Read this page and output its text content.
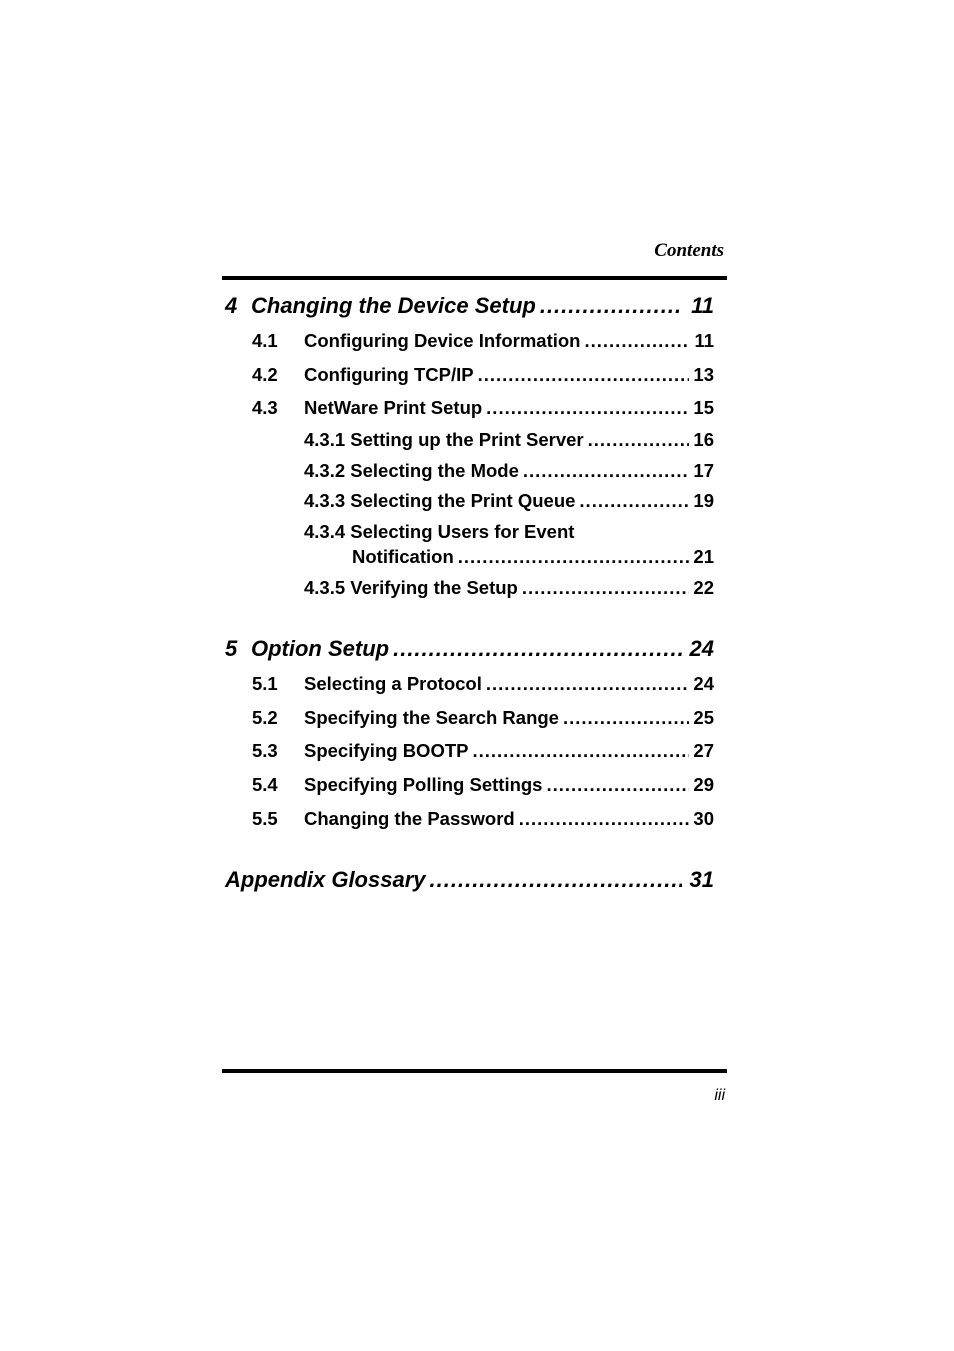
Contents
4 Changing the Device Setup .....	11
4.1	Configuring Device Information .....	11
4.2	Configuring TCP/IP .....	13
4.3	NetWare Print Setup .....	15
4.3.1 Setting up the Print Server .....	16
4.3.2 Selecting the Mode .....	17
4.3.3 Selecting the Print Queue .....	19
4.3.4 Selecting Users for Event
Notification .....	21
4.3.5 Verifying the Setup .....	22
5 Option Setup .....	24
5.1	Selecting a Protocol .....	24
5.2	Specifying the Search Range .....	25
5.3	Specifying BOOTP .....	27
5.4	Specifying Polling Settings .....	29
5.5	Changing the Password .....	30
Appendix Glossary .....	31
iii
